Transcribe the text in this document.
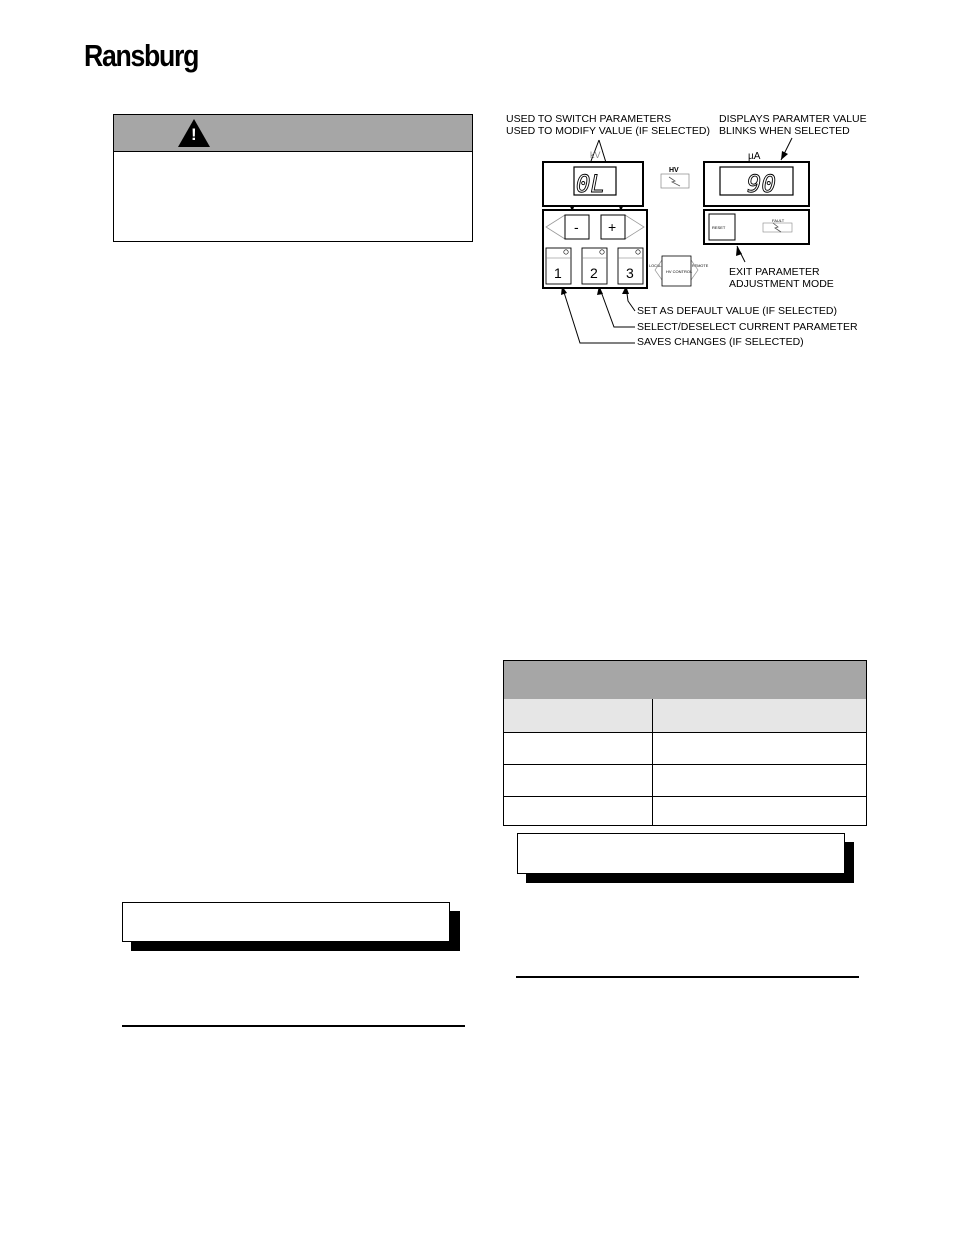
Ransburg
!
USED TO SWITCH PARAMETERS
USED TO MODIFY VALUE (IF SELECTED)
DISPLAYS PARAMTER VALUE
BLINKS WHEN SELECTED
EXIT PARAMETER
ADJUSTMENT MODE
SET AS DEFAULT VALUE (IF SELECTED)
SELECT/DESELECT CURRENT PARAMETER
SAVES CHANGES (IF SELECTED)
kV
0L
- +
1 2 3
HV
LOCAL	REMOTE
HV CONTROL
µA
90
RESET
FAULT
